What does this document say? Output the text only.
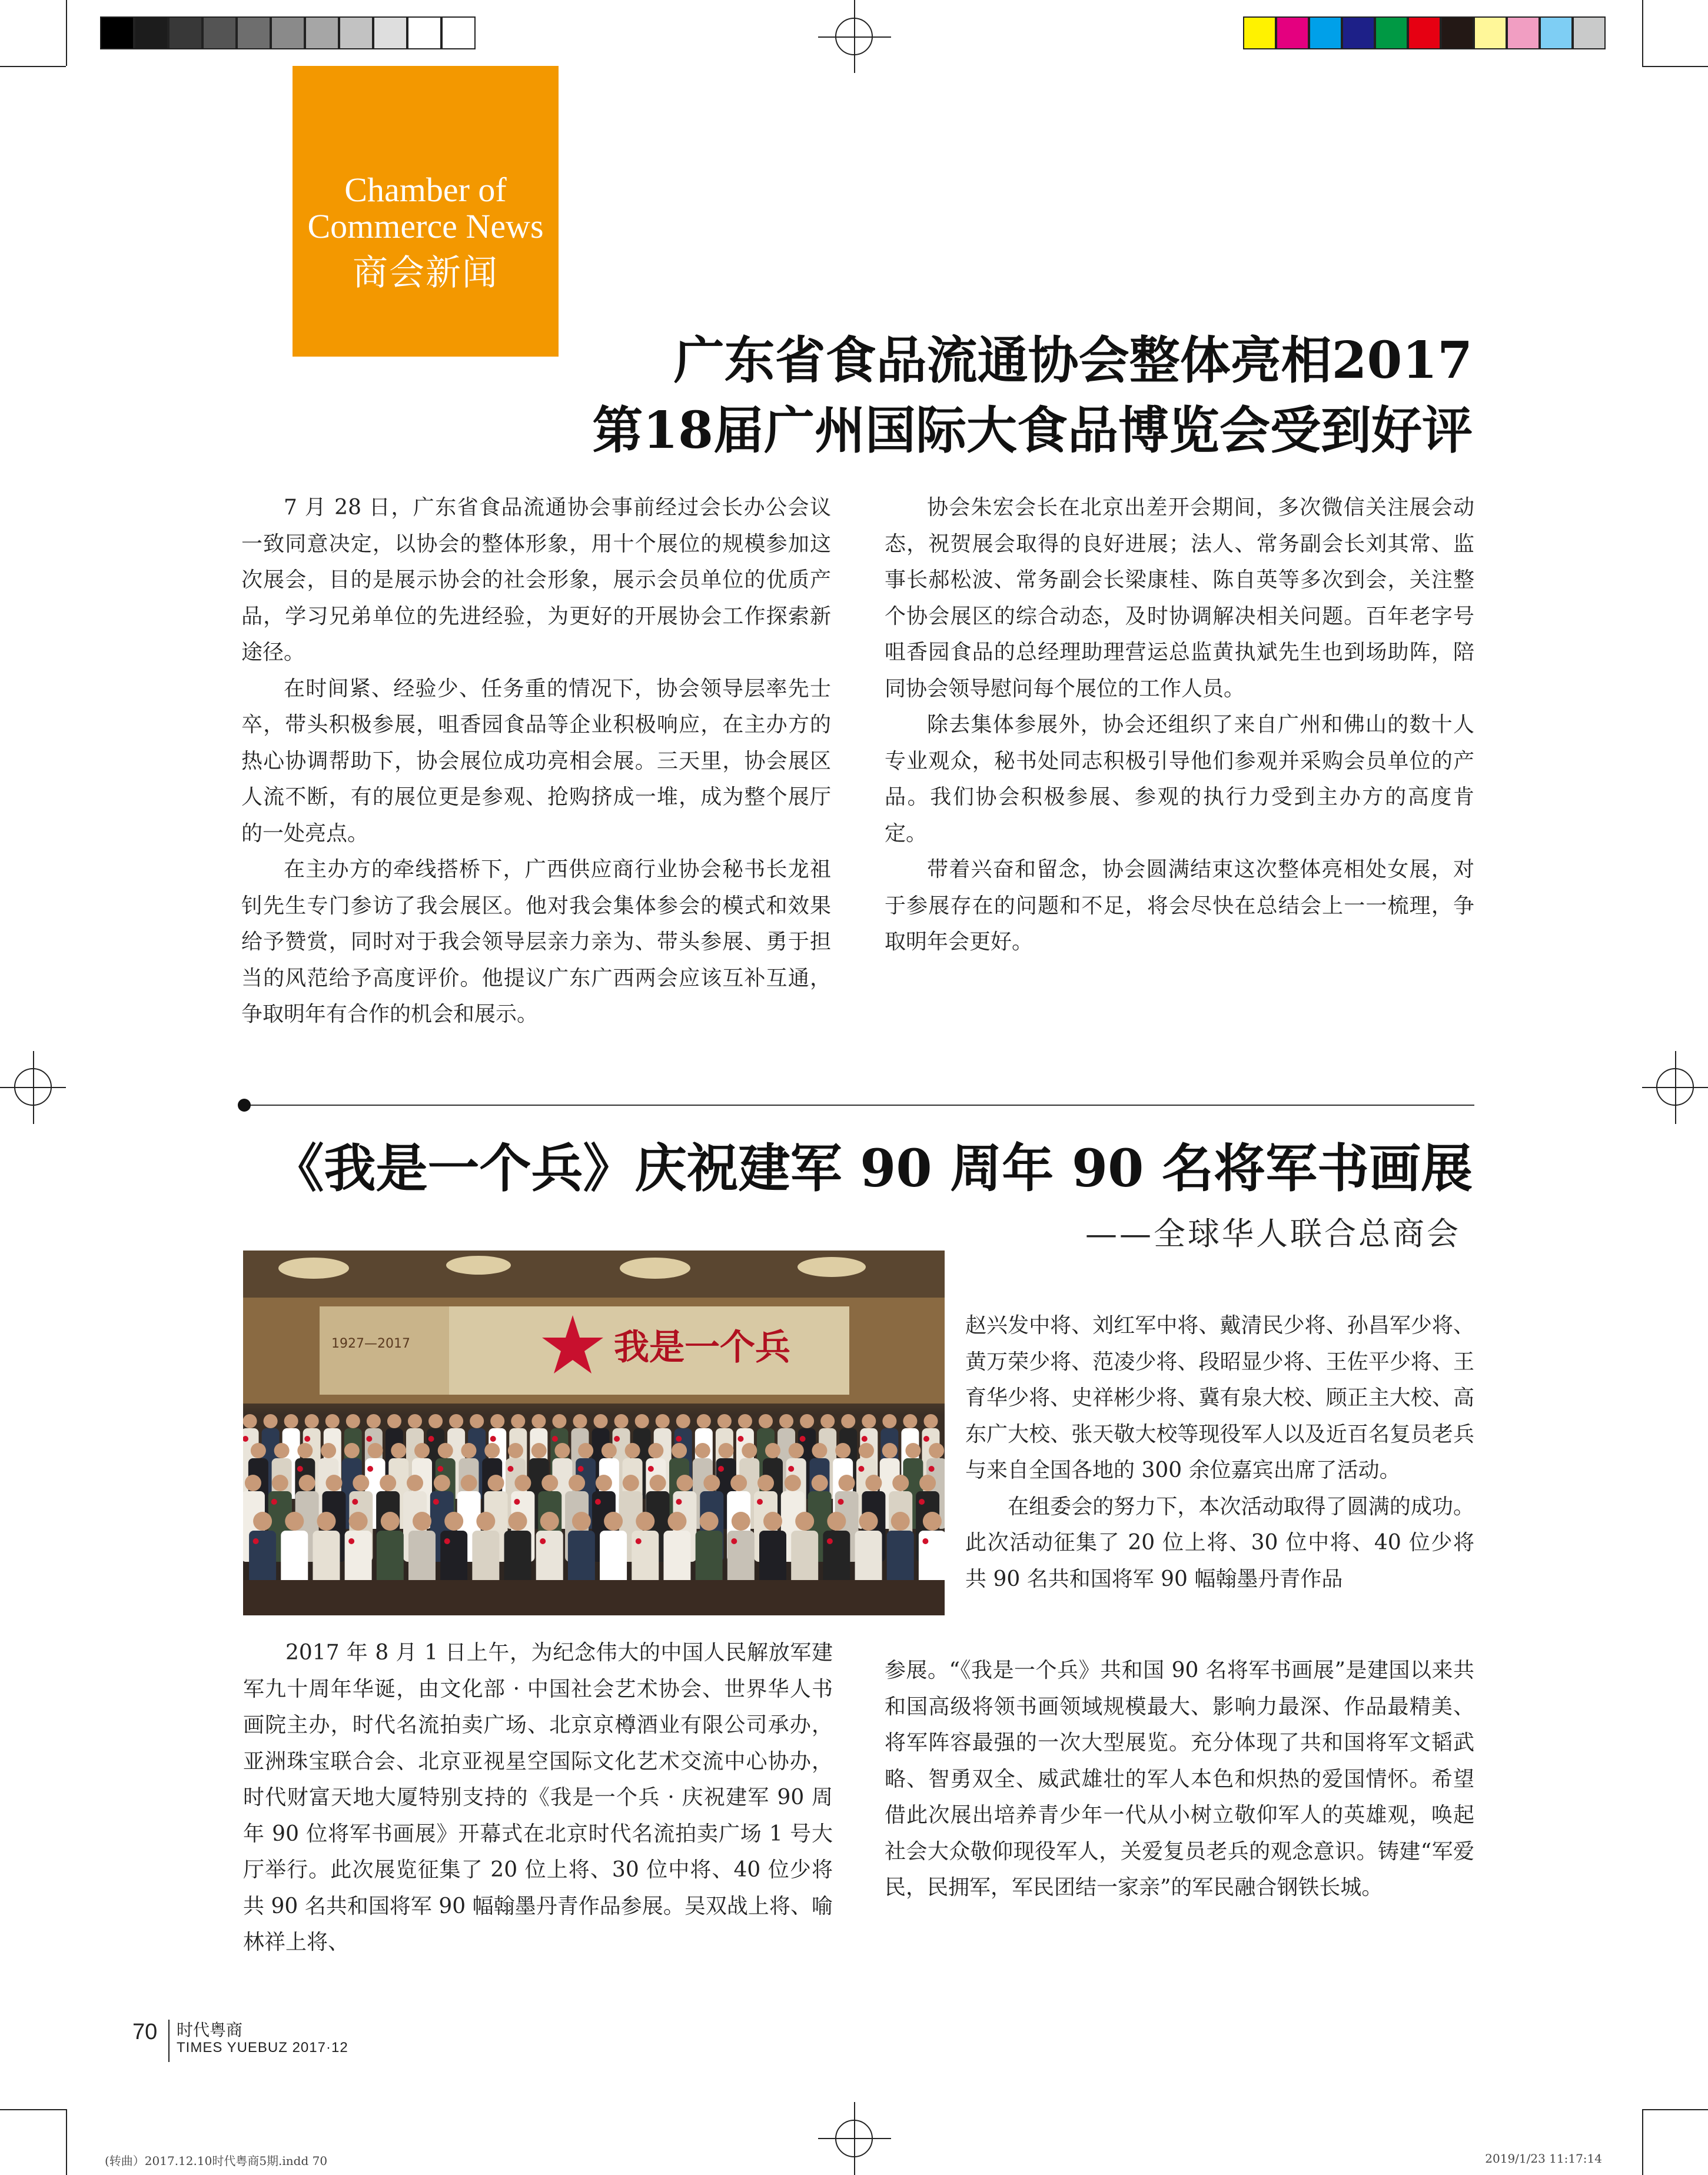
Chamber of Commerce News
商会新闻
广东省食品流通协会整体亮相2017
第18届广州国际大食品博览会受到好评

7 月 28 日，广东省食品流通协会事前经过会长办公会议一致同意决定，以协会的整体形象，用十个展位的规模参加这次展会，目的是展示协会的社会形象，展示会员单位的优质产品，学习兄弟单位的先进经验，为更好的开展协会工作探索新途径。

在时间紧、经验少、任务重的情况下，协会领导层率先士卒，带头积极参展，咀香园食品等企业积极响应，在主办方的热心协调帮助下，协会展位成功亮相会展。三天里，协会展区人流不断，有的展位更是参观、抢购挤成一堆，成为整个展厅的一处亮点。

在主办方的牵线搭桥下，广西供应商行业协会秘书长龙祖钊先生专门参访了我会展区。他对我会集体参会的模式和效果给予赞赏，同时对于我会领导层亲力亲为、带头参展、勇于担当的风范给予高度评价。他提议广东广西两会应该互补互通，争取明年有合作的机会和展示。

协会朱宏会长在北京出差开会期间，多次微信关注展会动态，祝贺展会取得的良好进展；法人、常务副会长刘其常、监事长郝松波、常务副会长梁康桂、陈自英等多次到会，关注整个协会展区的综合动态，及时协调解决相关问题。百年老字号咀香园食品的总经理助理营运总监黄执斌先生也到场助阵，陪同协会领导慰问每个展位的工作人员。

除去集体参展外，协会还组织了来自广州和佛山的数十人专业观众，秘书处同志积极引导他们参观并采购会员单位的产品。我们协会积极参展、参观的执行力受到主办方的高度肯定。

带着兴奋和留念，协会圆满结束这次整体亮相处女展，对于参展存在的问题和不足，将会尽快在总结会上一一梳理，争取明年会更好。

《我是一个兵》庆祝建军 90 周年 90 名将军书画展
——全球华人联合总商会
我是一个兵
1927—2017

赵兴发中将、刘红军中将、戴清民少将、孙昌军少将、黄万荣少将、范凌少将、段昭显少将、王佐平少将、王育华少将、史祥彬少将、冀有泉大校、顾正主大校、高东广大校、张天敬大校等现役军人以及近百名复员老兵与来自全国各地的 300 余位嘉宾出席了活动。

在组委会的努力下，本次活动取得了圆满的成功。此次活动征集了 20 位上将、30 位中将、40 位少将共 90 名共和国将军 90 幅翰墨丹青作品

2017 年 8 月 1 日上午，为纪念伟大的中国人民解放军建军九十周年华诞，由文化部 · 中国社会艺术协会、世界华人书画院主办，时代名流拍卖广场、北京京樽酒业有限公司承办，亚洲珠宝联合会、北京亚视星空国际文化艺术交流中心协办，时代财富天地大厦特别支持的《我是一个兵 · 庆祝建军 90 周年 90 位将军书画展》开幕式在北京时代名流拍卖广场 1 号大厅举行。此次展览征集了 20 位上将、30 位中将、40 位少将共 90 名共和国将军 90 幅翰墨丹青作品参展。吴双战上将、喻林祥上将、

参展。“《我是一个兵》共和国 90 名将军书画展”是建国以来共和国高级将领书画领域规模最大、影响力最深、作品最精美、将军阵容最强的一次大型展览。充分体现了共和国将军文韬武略、智勇双全、威武雄壮的军人本色和炽热的爱国情怀。希望借此次展出培养青少年一代从小树立敬仰军人的英雄观，唤起社会大众敬仰现役军人，关爱复员老兵的观念意识。铸建“军爱民，民拥军，军民团结一家亲”的军民融合钢铁长城。

70 时代粤商
TIMES YUEBUZ 2017·12
(转曲）2017.12.10时代粤商5期.indd 70	2019/1/23 11:17:14
